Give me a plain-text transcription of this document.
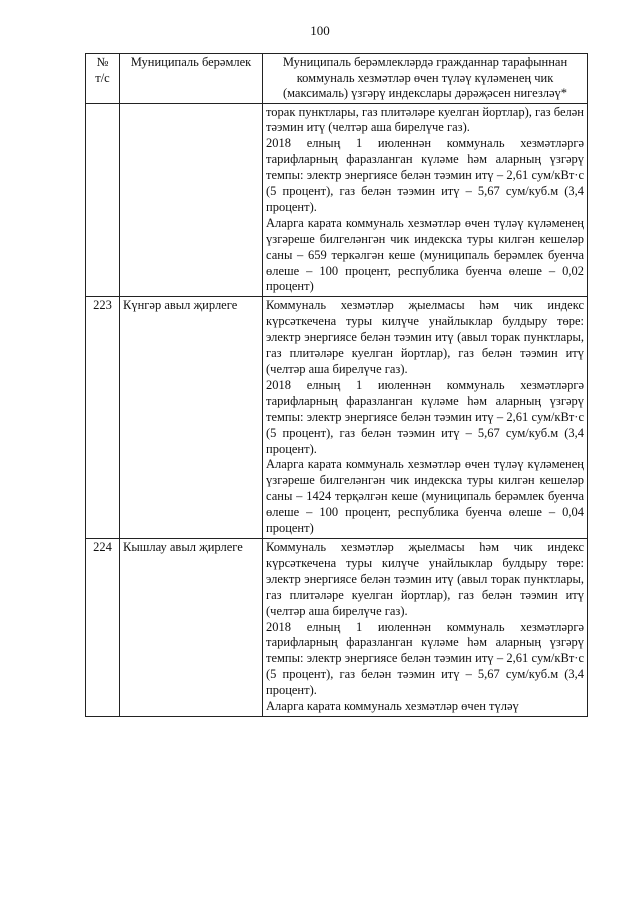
100
№
т/с	Муниципаль берәмлек	Муниципаль берәмлекләрдә гражданнар тарафыннан коммуналь хезмәтләр өчен түләү күләменең чик (максималь) үзгәрү индекслары дәрәҗәсен нигезләү*

		торак пунктлары, газ плитәләре куелган йортлар), газ белән тәэмин итү (челтәр аша бирелүче газ).

2018 елның 1 июленнән коммуналь хезмәтләргә тарифларның фаразланган күләме һәм аларның үзгәрү темпы: электр энергиясе белән тәэмин итү – 2,61 сум/кВт·с (5 процент), газ белән тәэмин итү – 5,67 сум/куб.м (3,4 процент).

Аларга карата коммуналь хезмәтләр өчен түләү күләменең үзгәреше билгеләнгән чик индекска туры килгән кешеләр саны – 659 теркәлгән кеше (муниципаль берәмлек буенча өлеше – 100 процент, республика буенча өлеше – 0,02 процент)

223	Күнгәр авыл җирлеге	Коммуналь хезмәтләр җыелмасы һәм чик индекс күрсәткечена туры килүче унайлыклар булдыру төре: электр энергиясе белән тәэмин итү (авыл торак пунктлары, газ плитәләре куелган йортлар), газ белән тәэмин итү (челтәр аша бирелүче газ).

2018 елның 1 июленнән коммуналь хезмәтләргә тарифларның фаразланган күләме һәм аларның үзгәрү темпы: электр энергиясе белән тәэмин итү – 2,61 сум/кВт·с (5 процент), газ белән тәэмин итү – 5,67 сум/куб.м (3,4 процент).

Аларга карата коммуналь хезмәтләр өчен түләү күләменең үзгәреше билгеләнгән чик индекска туры килгән кешеләр саны – 1424 терқәлгән кеше (муниципаль берәмлек буенча өлеше – 100 процент, республика буенча өлеше – 0,04 процент)

224	Кышлау авыл җирлеге	Коммуналь хезмәтләр җыелмасы һәм чик индекс күрсәткечена туры килүче унайлыклар булдыру төре: электр энергиясе белән тәэмин итү (авыл торак пунктлары, газ плитәләре куелган йортлар), газ белән тәэмин итү (челтәр аша бирелүче газ).

2018 елның 1 июленнән коммуналь хезмәтләргә тарифларның фаразланган күләме һәм аларның үзгәрү темпы: электр энергиясе белән тәэмин итү – 2,61 сум/кВт·с (5 процент), газ белән тәэмин итү – 5,67 сум/куб.м (3,4 процент).

Аларга карата коммуналь хезмәтләр өчен түләү
